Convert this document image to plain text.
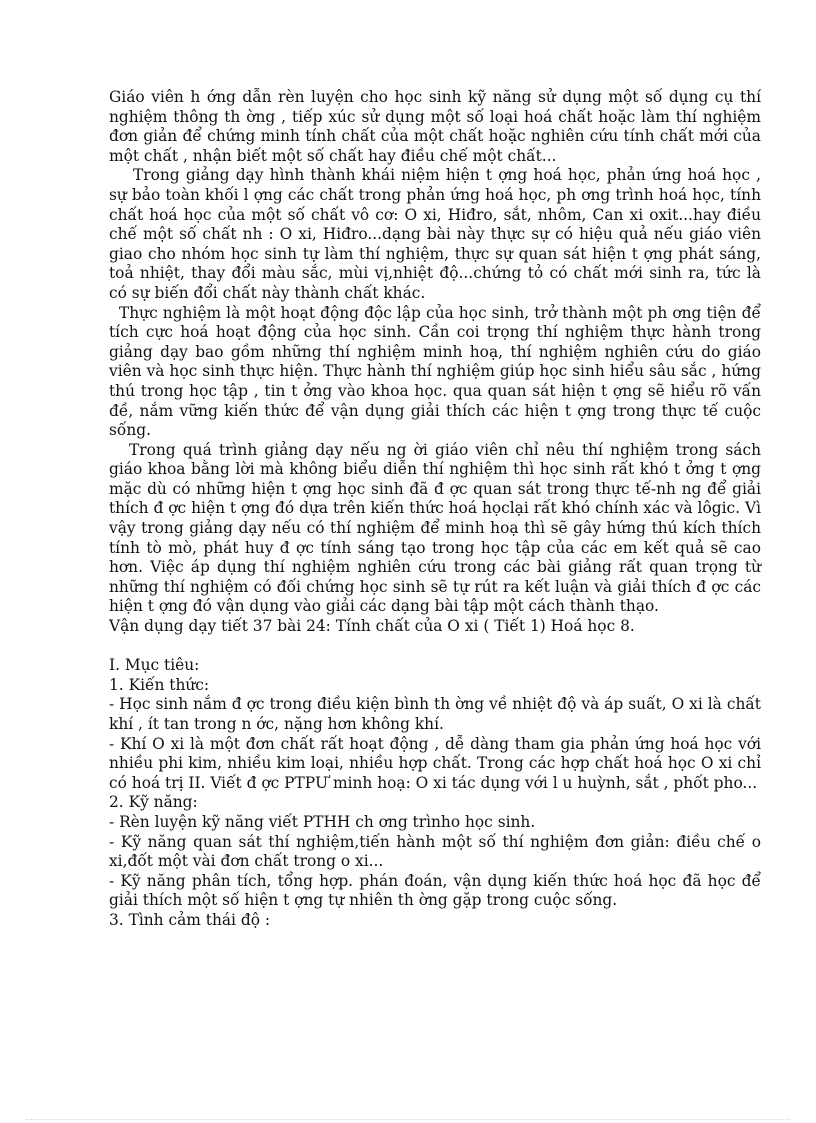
Giáo viên h ớng dẫn rèn luyện cho học sinh kỹ năng sử dụng một số dụng cụ thí nghiệm thông th ờng , tiếp xúc sử dụng một số loại hoá chất hoặc làm thí nghiệm đơn giản để chứng minh tính chất của một chất hoặc nghiên cứu tính chất mới của một chất , nhận biết một số chất hay điều chế một chất...

Trong giảng dạy hình thành khái niệm hiện t ợng hoá học, phản ứng hoá học , sự bảo toàn khối l ợng các chất trong phản ứng hoá học, ph ơng trình hoá học, tính chất hoá học của một số chất vô cơ: O xi, Hiđro, sắt, nhôm, Can xi oxit...hay điều chế một số chất nh : O xi, Hiđro...dạng bài này thực sự có hiệu quả nếu giáo viên giao cho nhóm học sinh tự làm thí nghiệm, thực sự quan sát hiện t ợng phát sáng, toả nhiệt, thay đổi màu sắc, mùi vị,nhiệt độ...chứng tỏ có chất mới sinh ra, tức là có sự biến đổi chất này thành chất khác.

Thực nghiệm là một hoạt động độc lập của học sinh, trở thành một ph ơng tiện để tích cực hoá hoạt động của học sinh. Cần coi trọng thí nghiệm thực hành trong giảng dạy bao gồm những thí nghiệm minh hoạ, thí nghiệm nghiên cứu do giáo viên và học sinh thực hiện. Thực hành thí nghiệm giúp học sinh hiểu sâu sắc , hứng thú trong học tập , tin t ởng vào khoa học. qua quan sát hiện t ợng sẽ hiểu rõ vấn đề, nắm vững kiến thức để vận dụng giải thích các hiện t ợng trong thực tế cuộc sống.

Trong quá trình giảng dạy nếu ng ời giáo viên chỉ nêu thí nghiệm trong sách giáo khoa bằng lời mà không biểu diễn thí nghiệm thì học sinh rất khó t ởng t ợng mặc dù có những hiện t ợng học sinh đã đ ợc quan sát trong thực tế-nh ng để giải thích đ ợc hiện t ợng đó dựa trên kiến thức hoá họclại rất khó chính xác và lôgic. Vì vậy trong giảng dạy nếu có thí nghiệm để minh hoạ thì sẽ gây hứng thú kích thích tính tò mò, phát huy đ ợc tính sáng tạo trong học tập của các em kết quả sẽ cao hơn. Việc áp dụng thí nghiệm nghiên cứu trong các bài giảng rất quan trọng từ những thí nghiệm có đối chứng học sinh sẽ tự rút ra kết luận và giải thích đ ợc các hiện t ợng đó vận dụng vào giải các dạng bài tập một cách thành thạo.

Vận dụng dạy tiết 37 bài 24: Tính chất của O xi ( Tiết 1) Hoá học 8.

I. Mục tiêu:

1. Kiến thức:

- Học sinh nắm đ ợc trong điều kiện bình th ờng về nhiệt độ và áp suất, O xi là chất khí , ít tan trong n ớc, nặng hơn không khí.

- Khí O xi là một đơn chất rất hoạt động , dễ dàng tham gia phản ứng hoá học với nhiều phi kim, nhiều kim loại, nhiều hợp chất. Trong các hợp chất hoá học O xi chỉ có hoá trị II. Viết đ ợc PTPƯ minh hoạ: O xi tác dụng với l u huỳnh, sắt , phốt pho...

2. Kỹ năng:

- Rèn luyện kỹ năng viết PTHH ch ơng trìnho học sinh.

- Kỹ năng quan sát thí nghiệm,tiến hành một số thí nghiệm đơn giản: điều chế o xi,đốt một vài đơn chất trong o xi...

- Kỹ năng phân tích, tổng hợp. phán đoán, vận dụng kiến thức hoá học đã học để giải thích một số hiện t ợng tự nhiên th ờng gặp trong cuộc sống.

3. Tình cảm thái độ :
